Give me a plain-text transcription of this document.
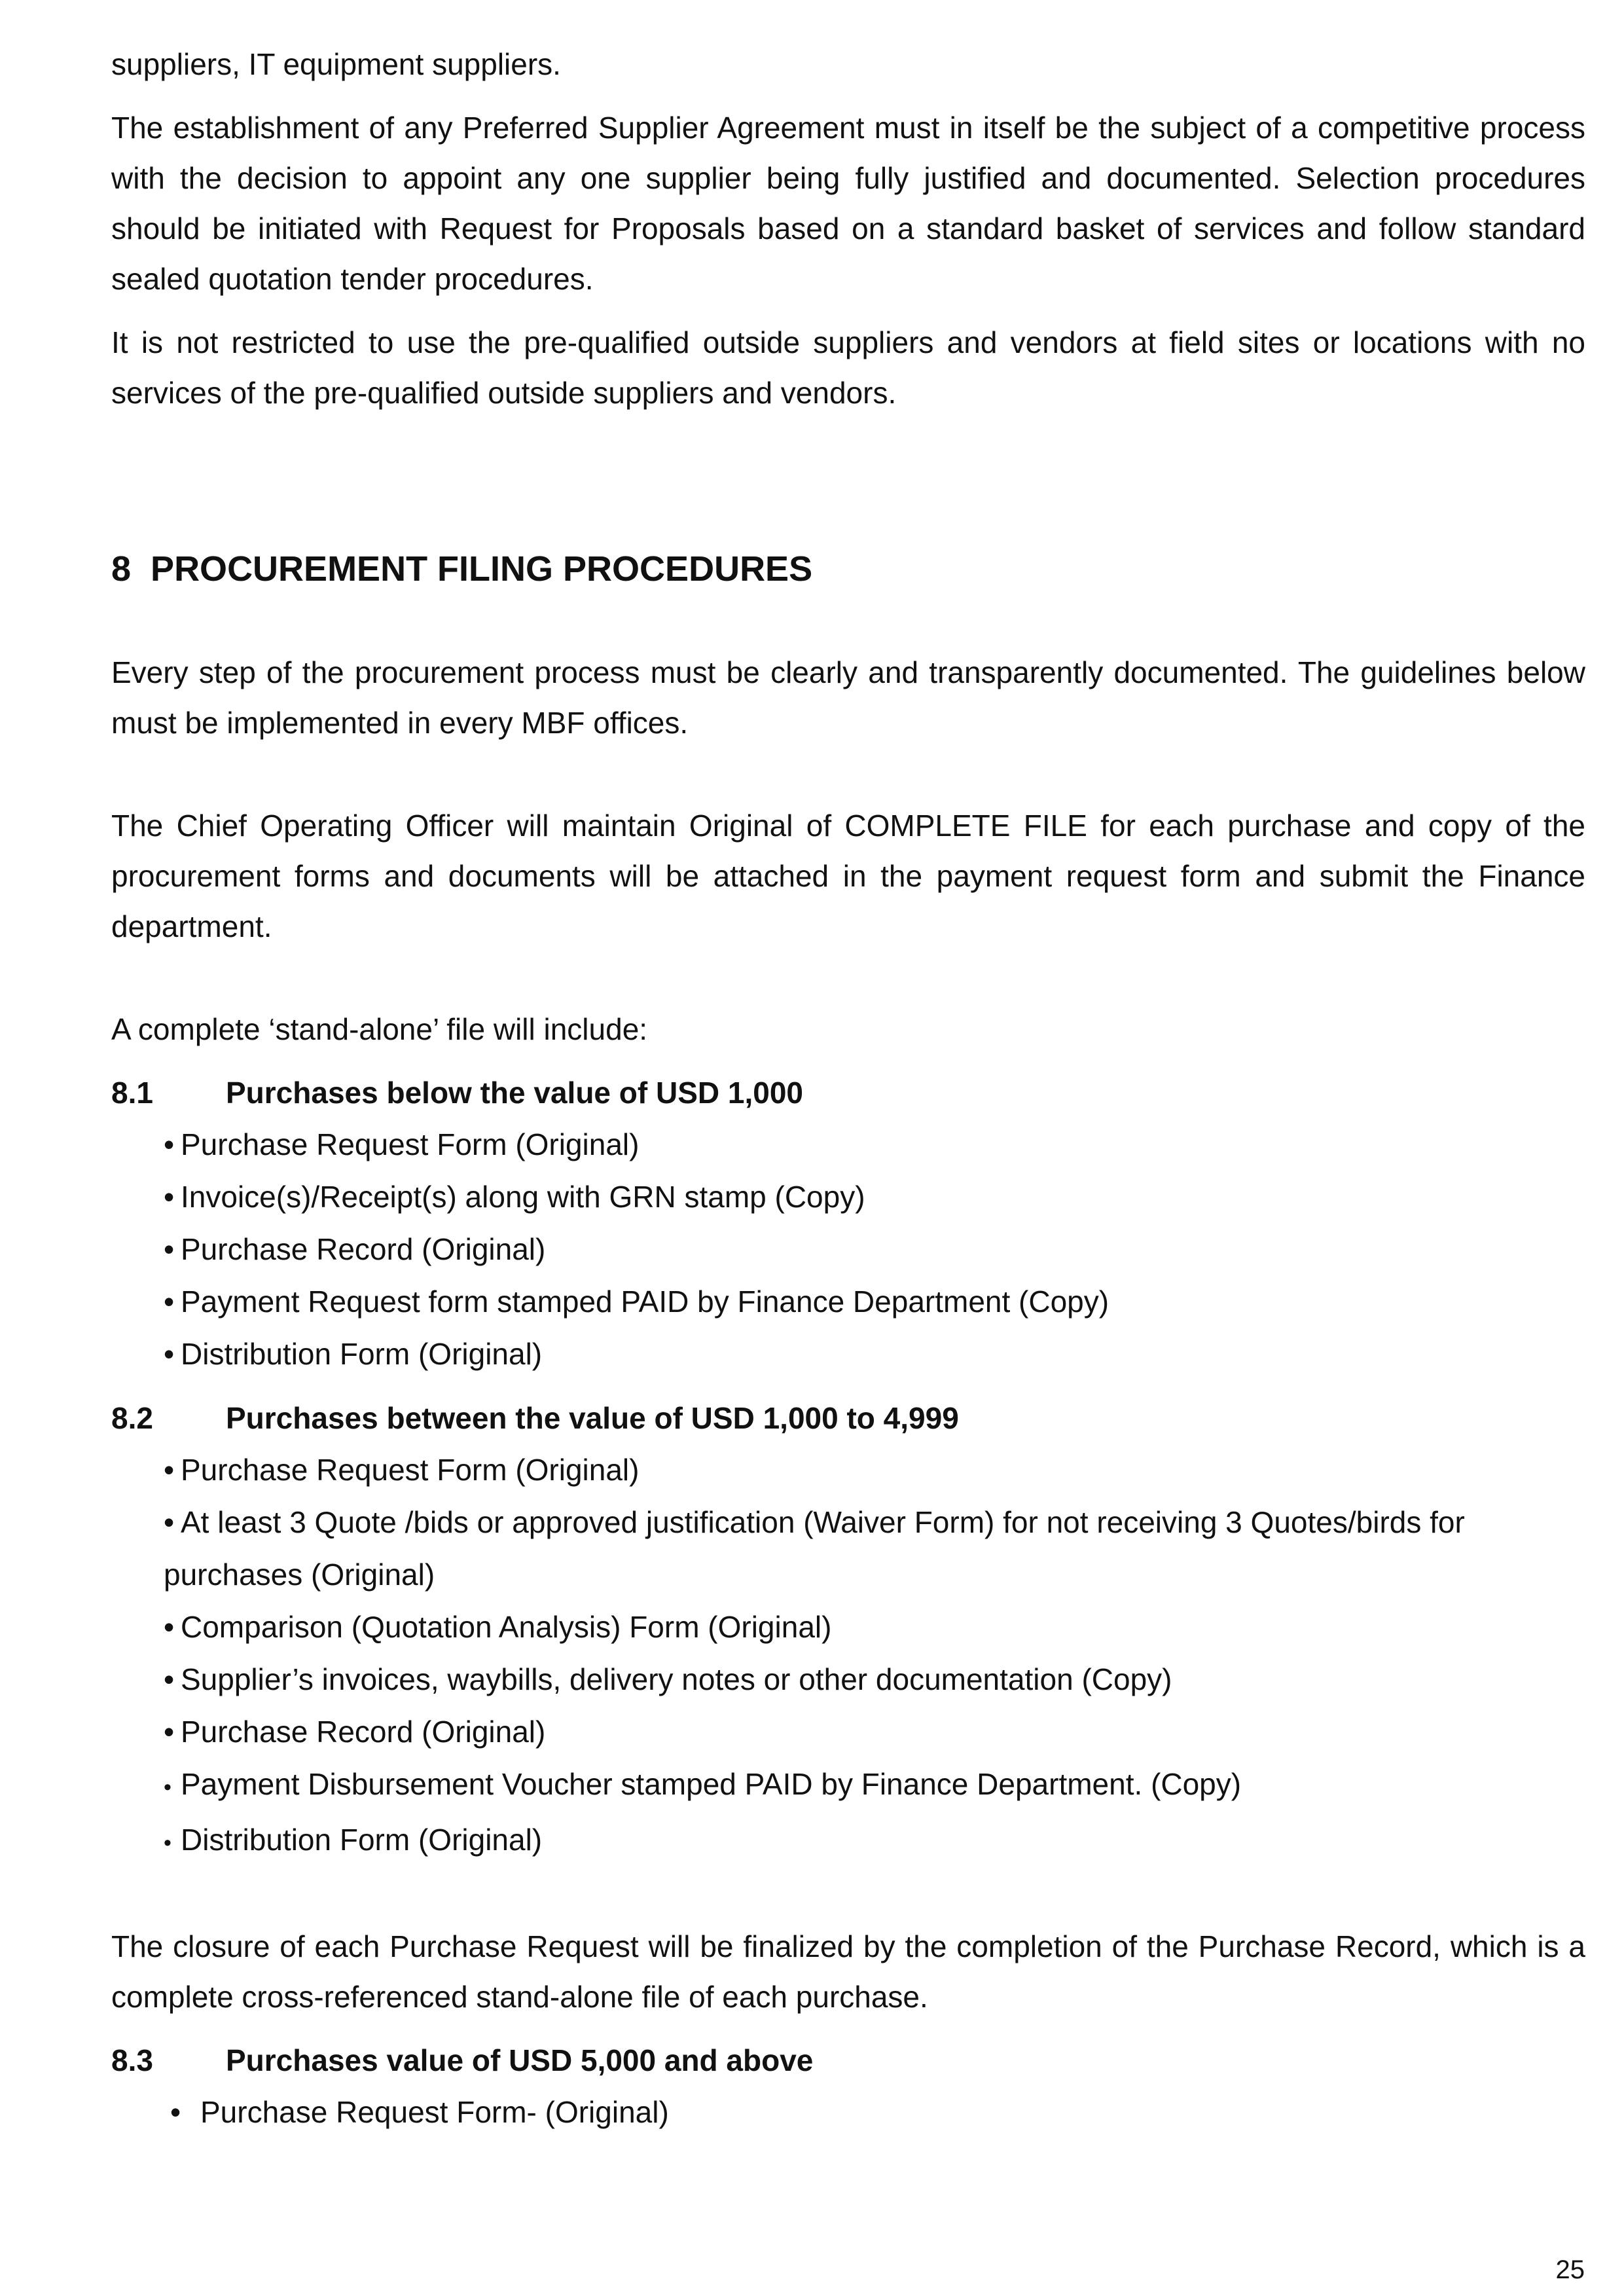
suppliers, IT equipment suppliers.

The establishment of any Preferred Supplier Agreement must in itself be the subject of a competitive process with the decision to appoint any one supplier being fully justified and documented. Selection procedures should be initiated with Request for Proposals based on a standard basket of services and follow standard sealed quotation tender procedures.

It is not restricted to use the pre-qualified outside suppliers and vendors at field sites or locations with no services of the pre-qualified outside suppliers and vendors.

8 PROCUREMENT FILING PROCEDURES

Every step of the procurement process must be clearly and transparently documented. The guidelines below must be implemented in every MBF offices.

The Chief Operating Officer will maintain Original of COMPLETE FILE for each purchase and copy of the procurement forms and documents will be attached in the payment request form and submit the Finance department.

A complete ‘stand-alone’ file will include:

8.1	Purchases below the value of USD 1,000
• Purchase Request Form (Original)
• Invoice(s)/Receipt(s) along with GRN stamp (Copy)
• Purchase Record (Original)
• Payment Request form stamped PAID by Finance Department (Copy)
• Distribution Form (Original)
8.2	Purchases between the value of USD 1,000 to 4,999
• Purchase Request Form (Original)
• At least 3 Quote /bids or approved justification (Waiver Form) for not receiving 3 Quotes/birds for purchases (Original)
• Comparison (Quotation Analysis) Form (Original)
• Supplier’s invoices, waybills, delivery notes or other documentation (Copy)
• Purchase Record (Original)
• Payment Disbursement Voucher stamped PAID by Finance Department. (Copy)
• Distribution Form (Original)

The closure of each Purchase Request will be finalized by the completion of the Purchase Record, which is a complete cross-referenced stand-alone file of each purchase.

8.3	Purchases value of USD 5,000 and above
• Purchase Request Form- (Original)
25
